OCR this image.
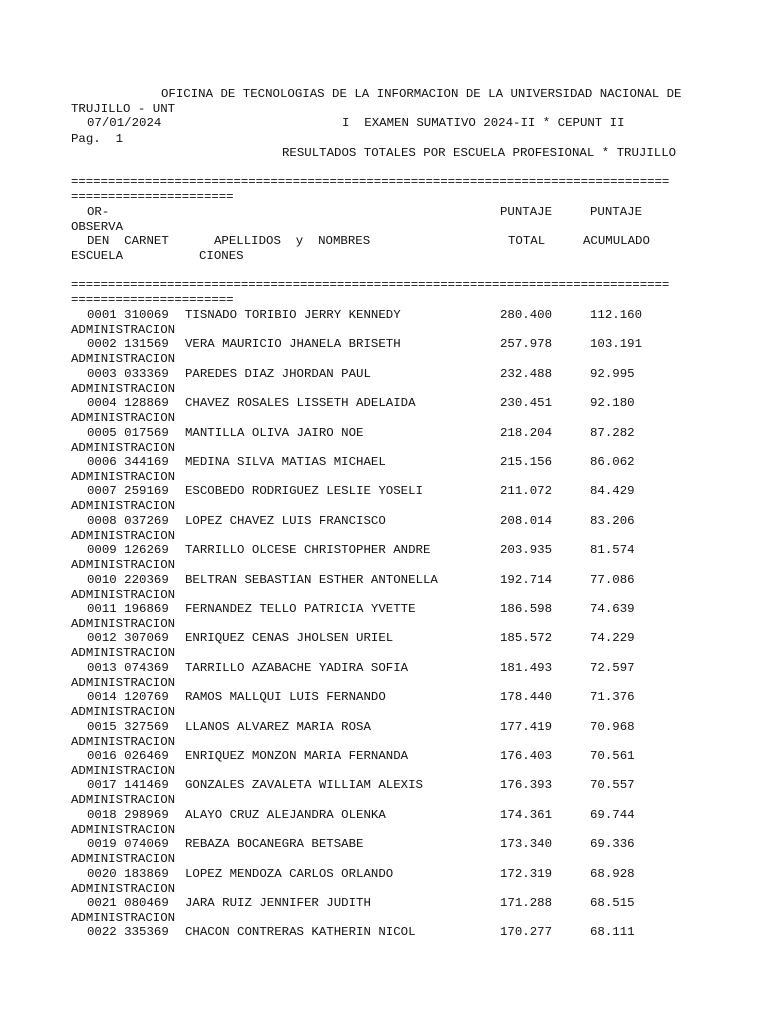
OFICINA DE TECNOLOGIAS DE LA INFORMACION DE LA UNIVERSIDAD NACIONAL DE
TRUJILLO - UNT
07/01/2024	I  EXAMEN SUMATIVO 2024-II * CEPUNT II
Pag.  1
RESULTADOS TOTALES POR ESCUELA PROFESIONAL * TRUJILLO
=================================================================================
======================
OR-	PUNTAJE	PUNTAJE
OBSERVA
DEN  CARNET	APELLIDOS  y  NOMBRES	TOTAL	ACUMULADO
ESCUELA	CIONES
=================================================================================
======================
0001 310069 TISNADO TORIBIO JERRY KENNEDY	280.400	112.160
ADMINISTRACION
0002 131569 VERA MAURICIO JHANELA BRISETH	257.978	103.191
ADMINISTRACION
0003 033369 PAREDES DIAZ JHORDAN PAUL	232.488	92.995
ADMINISTRACION
0004 128869 CHAVEZ ROSALES LISSETH ADELAIDA	230.451	92.180
ADMINISTRACION
0005 017569 MANTILLA OLIVA JAIRO NOE	218.204	87.282
ADMINISTRACION
0006 344169 MEDINA SILVA MATIAS MICHAEL	215.156	86.062
ADMINISTRACION
0007 259169 ESCOBEDO RODRIGUEZ LESLIE YOSELI	211.072	84.429
ADMINISTRACION
0008 037269 LOPEZ CHAVEZ LUIS FRANCISCO	208.014	83.206
ADMINISTRACION
0009 126269 TARRILLO OLCESE CHRISTOPHER ANDRE	203.935	81.574
ADMINISTRACION
0010 220369 BELTRAN SEBASTIAN ESTHER ANTONELLA	192.714	77.086
ADMINISTRACION
0011 196869 FERNANDEZ TELLO PATRICIA YVETTE	186.598	74.639
ADMINISTRACION
0012 307069 ENRIQUEZ CENAS JHOLSEN URIEL	185.572	74.229
ADMINISTRACION
0013 074369 TARRILLO AZABACHE YADIRA SOFIA	181.493	72.597
ADMINISTRACION
0014 120769 RAMOS MALLQUI LUIS FERNANDO	178.440	71.376
ADMINISTRACION
0015 327569 LLANOS ALVAREZ MARIA ROSA	177.419	70.968
ADMINISTRACION
0016 026469 ENRIQUEZ MONZON MARIA FERNANDA	176.403	70.561
ADMINISTRACION
0017 141469 GONZALES ZAVALETA WILLIAM ALEXIS	176.393	70.557
ADMINISTRACION
0018 298969 ALAYO CRUZ ALEJANDRA OLENKA	174.361	69.744
ADMINISTRACION
0019 074069 REBAZA BOCANEGRA BETSABE	173.340	69.336
ADMINISTRACION
0020 183869 LOPEZ MENDOZA CARLOS ORLANDO	172.319	68.928
ADMINISTRACION
0021 080469 JARA RUIZ JENNIFER JUDITH	171.288	68.515
ADMINISTRACION
0022 335369 CHACON CONTRERAS KATHERIN NICOL	170.277	68.111
